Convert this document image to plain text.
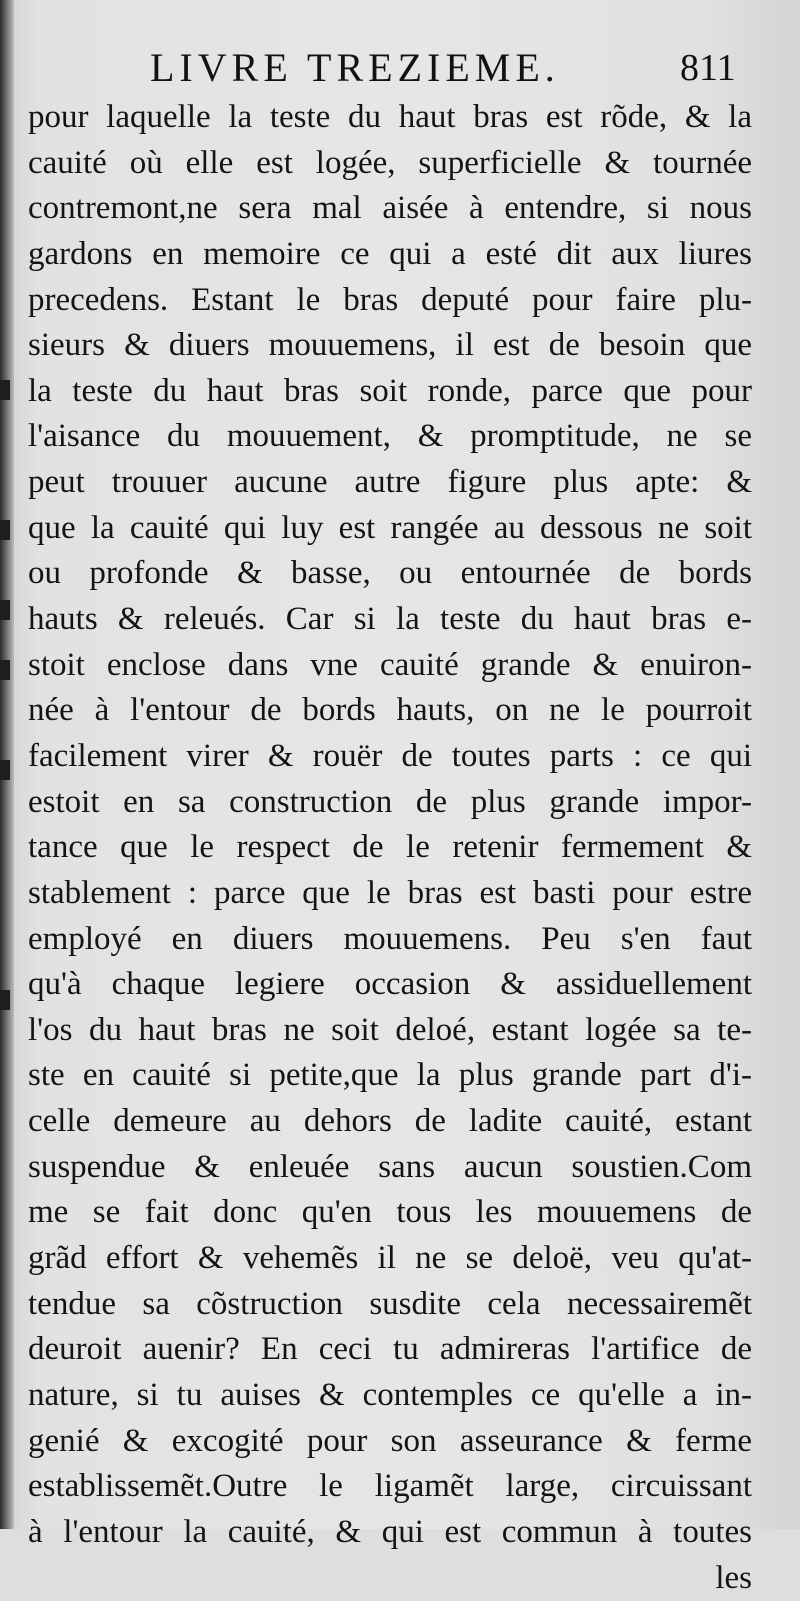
LIVRE TREZIEME.	811
pour laquelle la teste du haut bras est rõde, & la
cauité où elle est logée, superficielle & tournée
contremont,ne sera mal aisée à entendre, si nous
gardons en memoire ce qui a esté dit aux liures
precedens. Estant le bras deputé pour faire plu-
sieurs & diuers mouuemens, il est de besoin que
la teste du haut bras soit ronde, parce que pour
l'aisance du mouuement, & promptitude, ne se
peut trouuer aucune autre figure plus apte: &
que la cauité qui luy est rangée au dessous ne soit
ou profonde & basse, ou entournée de bords
hauts & releués. Car si la teste du haut bras e-
stoit enclose dans vne cauité grande & enuiron-
née à l'entour de bords hauts, on ne le pourroit
facilement virer & rouër de toutes parts : ce qui
estoit en sa construction de plus grande impor-
tance que le respect de le retenir fermement &
stablement : parce que le bras est basti pour estre
employé en diuers mouuemens. Peu s'en faut
qu'à chaque legiere occasion & assiduellement
l'os du haut bras ne soit deloé, estant logée sa te-
ste en cauité si petite,que la plus grande part d'i-
celle demeure au dehors de ladite cauité, estant
suspendue & enleuée sans aucun soustien.Com
me se fait donc qu'en tous les mouuemens de
grãd effort & vehemẽs il ne se deloë, veu qu'at-
tendue sa cõstruction susdite cela necessairemẽt
deuroit auenir? En ceci tu admireras l'artifice de
nature, si tu auises & contemples ce qu'elle a in-
genié & excogité pour son asseurance & ferme
establissemẽt.Outre le ligamẽt large, circuissant
à l'entour la cauité, & qui est commun à toutes
les
